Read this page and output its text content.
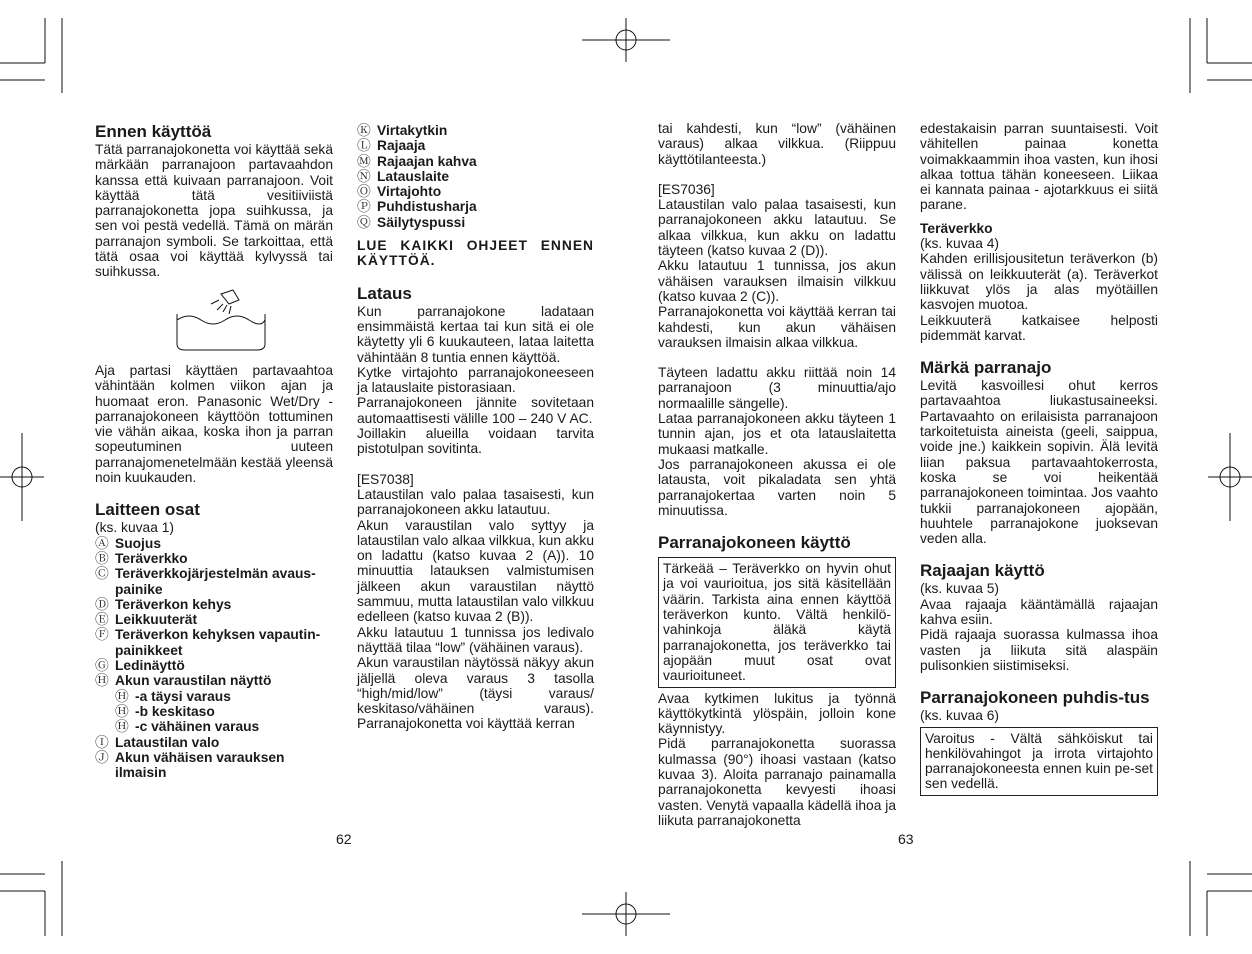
Ennen käyttöä

Tätä parranajokonetta voi käyttää sekä märkään parranajoon partavaahdon kanssa että kuivaan parranajoon. Voit käyttää tätä vesitiiviistä parranajokonetta jopa suihkussa, ja sen voi pestä vedellä. Tämä on märän parranajon symboli. Se tarkoittaa, että tätä osaa voi käyttää kylvyssä tai suihkussa.

Aja partasi käyttäen partavaahtoa vähintään kolmen viikon ajan ja huomaat eron. Panasonic Wet/Dry -parranajokoneen käyttöön tottuminen vie vähän aikaa, koska ihon ja parran sopeutuminen uuteen parranajomenetelmään kestää yleensä noin kuukauden.

Laitteen osat
(ks. kuvaa 1)
Ⓐ Suojus
Ⓑ Teräverkko
Ⓒ Teräverkkojärjestelmän avaus-painike
Ⓓ Teräverkon kehys
Ⓔ Leikkuuterät
Ⓕ Teräverkon kehyksen vapautin-painikkeet
Ⓖ Ledinäyttö
Ⓗ Akun varaustilan näyttö
Ⓗ -a täysi varaus
Ⓗ -b keskitaso
Ⓗ -c vähäinen varaus
Ⓘ Lataustilan valo
Ⓙ Akun vähäisen varauksen ilmaisin
62
Ⓚ Virtakytkin
Ⓛ Rajaaja
Ⓜ Rajaajan kahva
Ⓝ Latauslaite
Ⓞ Virtajohto
Ⓟ Puhdistusharja
Ⓠ Säilytyspussi

LUE KAIKKI OHJEET ENNEN KÄYTTÖÄ.

Lataus

Kun parranajokone ladataan ensimmäistä kertaa tai kun sitä ei ole käytetty yli 6 kuukauteen, lataa laitetta vähintään 8 tuntia ennen käyttöä.

Kytke virtajohto parranajokoneeseen ja latauslaite pistorasiaan.

Parranajokoneen jännite sovitetaan automaattisesti välille 100 – 240 V AC.

Joillakin alueilla voidaan tarvita pistotulpan sovitinta.

[ES7038]

Lataustilan valo palaa tasaisesti, kun parranajokoneen akku latautuu.

Akun varaustilan valo syttyy ja lataustilan valo alkaa vilkkua, kun akku on ladattu (katso kuvaa 2 (A)). 10 minuuttia latauksen valmistumisen jälkeen akun varaustilan näyttö sammuu, mutta lataustilan valo vilkkuu edelleen (katso kuvaa 2 (B)).

Akku latautuu 1 tunnissa jos ledivalo näyttää tilaa “low” (vähäinen varaus).

Akun varaustilan näytössä näkyy akun jäljellä oleva varaus 3 tasolla “high/mid/low” (täysi varaus/ keskitaso/vähäinen varaus). Parranajokonetta voi käyttää kerran

tai kahdesti, kun “low” (vähäinen varaus) alkaa vilkkua. (Riippuu käyttötilanteesta.)

[ES7036]

Lataustilan valo palaa tasaisesti, kun parranajokoneen akku latautuu. Se alkaa vilkkua, kun akku on ladattu täyteen (katso kuvaa 2 (D)).

Akku latautuu 1 tunnissa, jos akun vähäisen varauksen ilmaisin vilkkuu (katso kuvaa 2 (C)).

Parranajokonetta voi käyttää kerran tai kahdesti, kun akun vähäisen varauksen ilmaisin alkaa vilkkua.

Täyteen ladattu akku riittää noin 14 parranajoon (3 minuuttia/ajo normaalille sängelle).

Lataa parranajokoneen akku täyteen 1 tunnin ajan, jos et ota latauslaitetta mukaasi matkalle.

Jos parranajokoneen akussa ei ole latausta, voit pikaladata sen yhtä parranajokertaa varten noin 5 minuutissa.

Parranajokoneen käyttö

Tärkeää – Teräverkko on hyvin ohut ja voi vaurioitua, jos sitä käsitellään väärin. Tarkista aina ennen käyttöä teräverkon kunto. Vältä henkilö-vahinkoja äläkä käytä parranajokonetta, jos teräverkko tai ajopään muut osat ovat vaurioituneet.

Avaa kytkimen lukitus ja työnnä käyttökytkintä ylöspäin, jolloin kone käynnistyy.

Pidä parranajokonetta suorassa kulmassa (90°) ihoasi vastaan (katso kuvaa 3). Aloita parranajo painamalla parranajokonetta kevyesti ihoasi vasten. Venytä vapaalla kädellä ihoa ja liikuta parranajokonetta

63

edestakaisin parran suuntaisesti. Voit vähitellen painaa konetta voimakkaammin ihoa vasten, kun ihosi alkaa tottua tähän koneeseen. Liikaa ei kannata painaa - ajotarkkuus ei siitä parane.

Teräverkko

(ks. kuvaa 4)

Kahden erillisjousitetun teräverkon (b) välissä on leikkuuterät (a). Teräverkot liikkuvat ylös ja alas myötäillen kasvojen muotoa.

Leikkuuterä katkaisee helposti pidemmät karvat.

Märkä parranajo

Levitä kasvoillesi ohut kerros partavaahtoa liukastusaineeksi. Partavaahto on erilaisista parranajoon tarkoitetuista aineista (geeli, saippua, voide jne.) kaikkein sopivin. Älä levitä liian paksua partavaahtokerrosta, koska se voi heikentää parranajokoneen toimintaa. Jos vaahto tukkii parranajokoneen ajopään, huuhtele parranajokone juoksevan veden alla.

Rajaajan käyttö

(ks. kuvaa 5)

Avaa rajaaja kääntämällä rajaajan kahva esiin.

Pidä rajaaja suorassa kulmassa ihoa vasten ja liikuta sitä alaspäin pulisonkien siistimiseksi.

Parranajokoneen puhdis-tus

(ks. kuvaa 6)

Varoitus - Vältä sähköiskut tai henkilövahingot ja irrota virtajohto parranajokoneesta ennen kuin pe-set sen vedellä.
